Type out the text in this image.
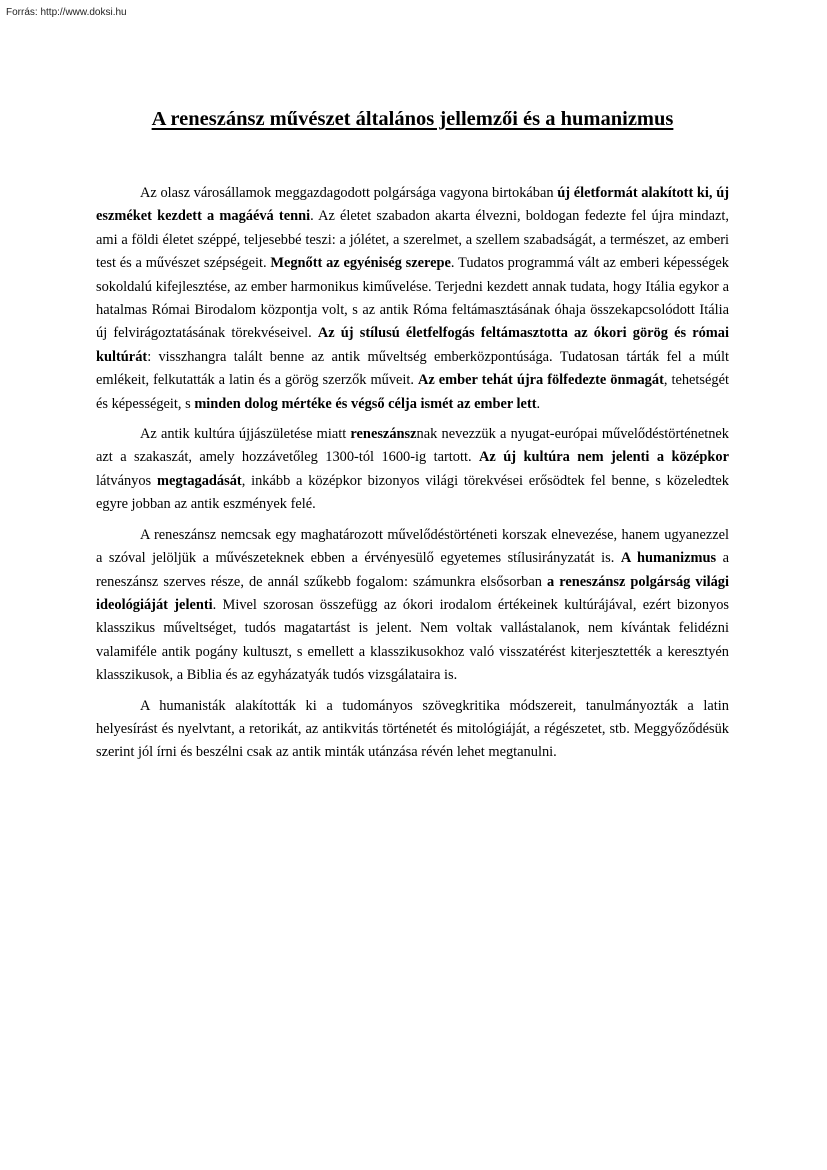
Forrás: http://www.doksi.hu
A reneszánsz művészet általános jellemzői és a humanizmus

Az olasz városállamok meggazdagodott polgársága vagyona birtokában új életformát alakított ki, új eszméket kezdett a magáévá tenni. Az életet szabadon akarta élvezni, boldogan fedezte fel újra mindazt, ami a földi életet széppé, teljesebbé teszi: a jólétet, a szerelmet, a szellem szabadságát, a természet, az emberi test és a művészet szépségeit. Megnőtt az egyéniség szerepe. Tudatos programmá vált az emberi képességek sokoldalú kifejlesztése, az ember harmonikus kiművelése. Terjedni kezdett annak tudata, hogy Itália egykor a hatalmas Római Birodalom központja volt, s az antik Róma feltámasztásának óhaja összekapcsolódott Itália új felvirágoztatásának törekvéseivel. Az új stílusú életfelfogás feltámasztotta az ókori görög és római kultúrát: visszhangra talált benne az antik műveltség emberközpontúsága. Tudatosan tárták fel a múlt emlékeit, felkutatták a latin és a görög szerzők műveit. Az ember tehát újra fölfedezte önmagát, tehetségét és képességeit, s minden dolog mértéke és végső célja ismét az ember lett.

Az antik kultúra újjászületése miatt reneszánsznak nevezzük a nyugat-európai művelődéstörténetnek azt a szakaszát, amely hozzávetőleg 1300-tól 1600-ig tartott. Az új kultúra nem jelenti a középkor látványos megtagadását, inkább a középkor bizonyos világi törekvései erősödtek fel benne, s közeledtek egyre jobban az antik eszmények felé.

A reneszánsz nemcsak egy maghatározott művelődéstörténeti korszak elnevezése, hanem ugyanezzel a szóval jelöljük a művészeteknek ebben a érvényesülő egyetemes stílusirányzatát is. A humanizmus a reneszánsz szerves része, de annál szűkebb fogalom: számunkra elsősorban a reneszánsz polgárság világi ideológiáját jelenti. Mivel szorosan összefügg az ókori irodalom értékeinek kultúrájával, ezért bizonyos klasszikus műveltséget, tudós magatartást is jelent. Nem voltak vallástalanok, nem kívántak felidézni valamiféle antik pogány kultuszt, s emellett a klasszikusokhoz való visszatérést kiterjesztették a keresztyén klasszikusok, a Biblia és az egyházatyák tudós vizsgálataira is.

A humanisták alakították ki a tudományos szövegkritika módszereit, tanulmányozták a latin helyesírást és nyelvtant, a retorikát, az antikvitás történetét és mitológiáját, a régészetet, stb. Meggyőződésük szerint jól írni és beszélni csak az antik minták utánzása révén lehet megtanulni.
